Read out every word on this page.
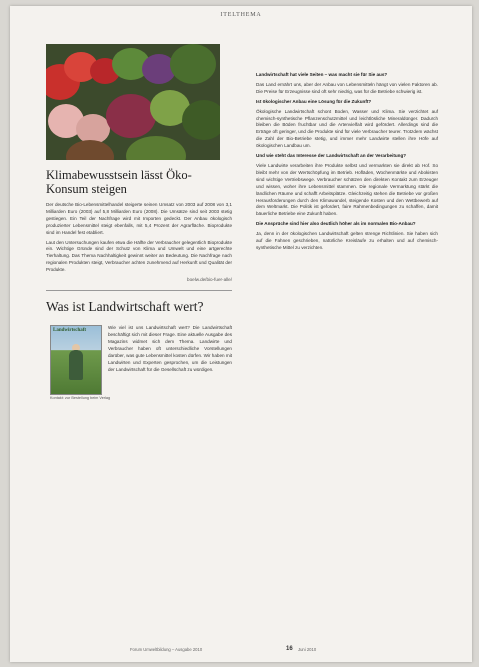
ITELTHEMA
Klimabewusstsein lässt Öko-Konsum steigen

Der deutsche Bio-Lebensmittelhandel steigerte seinen Umsatz von 2003 auf 2008 von 3,1 Milliarden Euro (2003) auf 5,8 Milliarden Euro (2008). Die Umsätze sind seit 2003 stetig gestiegen. Ein Teil der Nachfrage wird mit Importen gedeckt. Der Anbau ökologisch produzierter Lebensmittel steigt ebenfalls, mit 5,4 Prozent der Agrarfläche. Bioprodukte sind im Handel fest etabliert.

Laut den Untersuchungen kaufen etwa die Hälfte der Verbraucher gelegentlich Bioprodukte ein. Wichtige Gründe sind der Schutz von Klima und Umwelt und eine artgerechte Tierhaltung. Das Thema Nachhaltigkeit gewinnt weiter an Bedeutung. Die Nachfrage nach regionalen Produkten steigt, Verbraucher achten zunehmend auf Herkunft und Qualität der Produkte.

boelw.de/bio-fuer-alle/

Was ist Landwirtschaft wert?
Landwirtschaft
Kontakt: zur Bestellung beim Verlag

Wie viel ist uns Landwirtschaft wert? Die Landwirtschaft beschäftigt sich mit dieser Frage. Eine aktuelle Ausgabe des Magazins widmet sich dem Thema. Landwirte und Verbraucher haben oft unterschiedliche Vorstellungen darüber, was gute Lebensmittel kosten dürfen. Wir haben mit Landwirten und Experten gesprochen, um die Leistungen der Landwirtschaft für die Gesellschaft zu würdigen.

Landwirtschaft hat viele Seiten – was macht sie für Sie aus?

Das Land ernährt uns, aber der Anbau von Lebensmitteln hängt von vielen Faktoren ab. Die Preise für Erzeugnisse sind oft sehr niedrig, was für die Betriebe schwierig ist.

Ist ökologischer Anbau eine Lösung für die Zukunft?

Ökologische Landwirtschaft schont Boden, Wasser und Klima. Sie verzichtet auf chemisch-synthetische Pflanzenschutzmittel und leichtlösliche Mineraldünger. Dadurch bleiben die Böden fruchtbar und die Artenvielfalt wird gefördert. Allerdings sind die Erträge oft geringer, und die Produkte sind für viele Verbraucher teurer. Trotzdem wächst die Zahl der Bio-Betriebe stetig, und immer mehr Landwirte stellen ihre Höfe auf ökologischen Landbau um.

Und wie steht das Interesse der Landwirtschaft an der Verarbeitung?

Viele Landwirte verarbeiten ihre Produkte selbst und vermarkten sie direkt ab Hof. So bleibt mehr von der Wertschöpfung im Betrieb. Hofläden, Wochenmärkte und Abokisten sind wichtige Vertriebswege. Verbraucher schätzen den direkten Kontakt zum Erzeuger und wissen, woher ihre Lebensmittel stammen. Die regionale Vermarktung stärkt die ländlichen Räume und schafft Arbeitsplätze. Gleichzeitig stehen die Betriebe vor großen Herausforderungen durch den Klimawandel, steigende Kosten und den Wettbewerb auf dem Weltmarkt. Die Politik ist gefordert, faire Rahmenbedingungen zu schaffen, damit bäuerliche Betriebe eine Zukunft haben.

Die Ansprüche sind hier also deutlich höher als im normalen Bio-Anbau?

Ja, denn in der ökologischen Landwirtschaft gelten strenge Richtlinien. Sie haben sich auf die Fahnen geschrieben, natürliche Kreisläufe zu erhalten und auf chemisch-synthetische Mittel zu verzichten.

Forum Umweltbildung – Ausgabe 2010	16 Juni 2010
